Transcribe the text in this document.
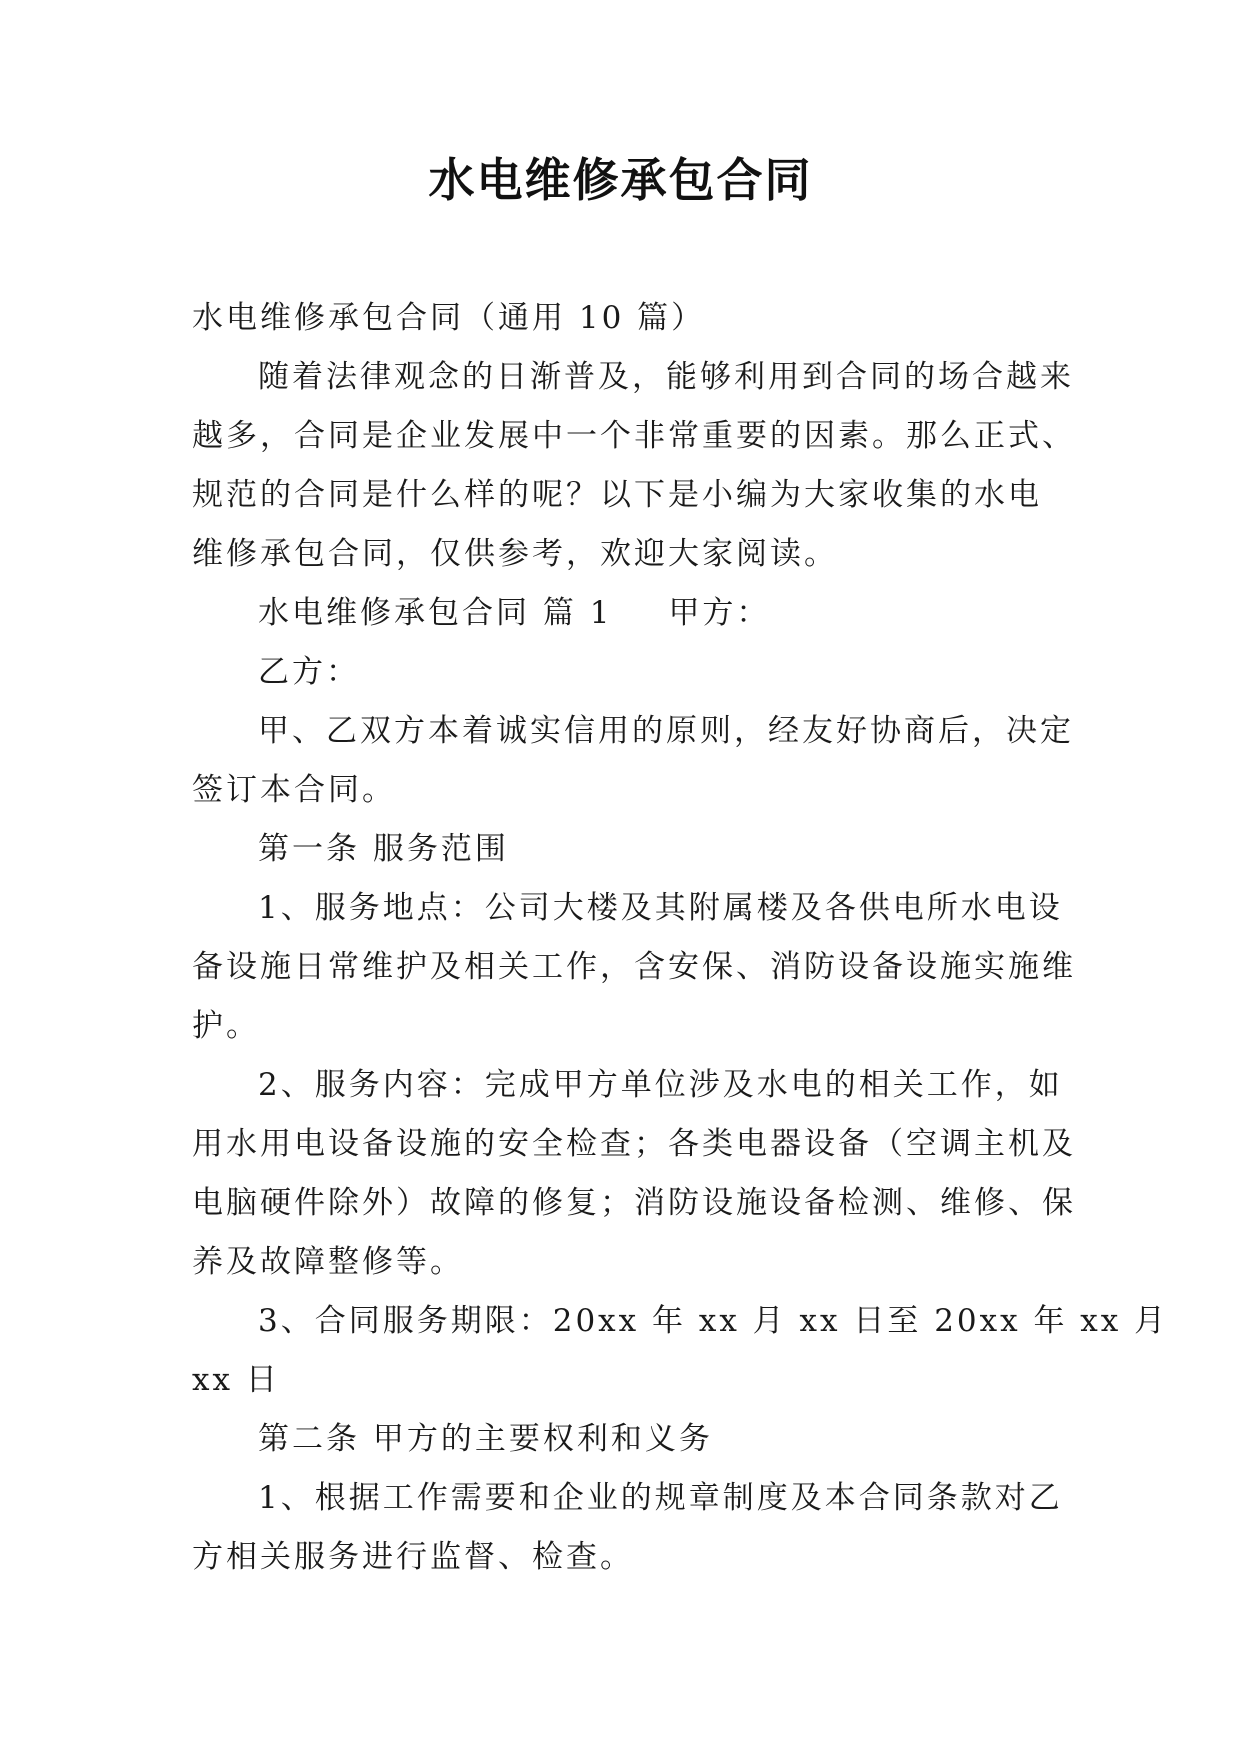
水电维修承包合同
水电维修承包合同（通用 10 篇）
随着法律观念的日渐普及，能够利用到合同的场合越来
越多，合同是企业发展中一个非常重要的因素。那么正式、
规范的合同是什么样的呢？以下是小编为大家收集的水电
维修承包合同，仅供参考，欢迎大家阅读。
水电维修承包合同 篇 1 甲方：
乙方：
甲、乙双方本着诚实信用的原则，经友好协商后，决定
签订本合同。
第一条 服务范围
1、服务地点：公司大楼及其附属楼及各供电所水电设
备设施日常维护及相关工作，含安保、消防设备设施实施维
护。
2、服务内容：完成甲方单位涉及水电的相关工作，如
用水用电设备设施的安全检查；各类电器设备（空调主机及
电脑硬件除外）故障的修复；消防设施设备检测、维修、保
养及故障整修等。
3、合同服务期限：20xx 年 xx 月 xx 日至 20xx 年 xx 月
xx 日
第二条 甲方的主要权利和义务
1、根据工作需要和企业的规章制度及本合同条款对乙
方相关服务进行监督、检查。
